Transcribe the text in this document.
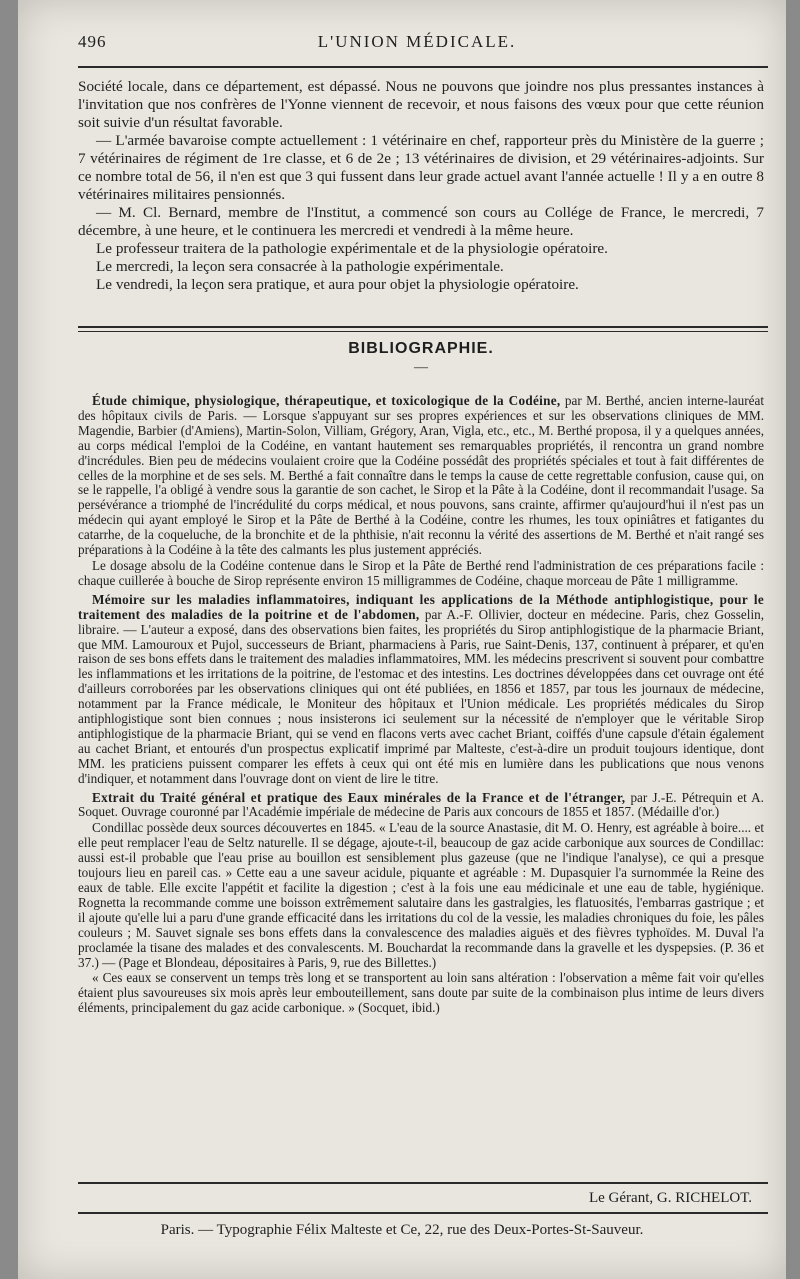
496	L'UNION MÉDICALE.

Société locale, dans ce département, est dépassé. Nous ne pouvons que joindre nos plus pressantes instances à l'invitation que nos confrères de l'Yonne viennent de recevoir, et nous faisons des vœux pour que cette réunion soit suivie d'un résultat favorable.

— L'armée bavaroise compte actuellement : 1 vétérinaire en chef, rapporteur près du Ministère de la guerre ; 7 vétérinaires de régiment de 1re classe, et 6 de 2e ; 13 vétérinaires de division, et 29 vétérinaires-adjoints. Sur ce nombre total de 56, il n'en est que 3 qui fussent dans leur grade actuel avant l'année actuelle ! Il y a en outre 8 vétérinaires militaires pensionnés.

— M. Cl. Bernard, membre de l'Institut, a commencé son cours au Collége de France, le mercredi, 7 décembre, à une heure, et le continuera les mercredi et vendredi à la même heure.

Le professeur traitera de la pathologie expérimentale et de la physiologie opératoire.

Le mercredi, la leçon sera consacrée à la pathologie expérimentale.

Le vendredi, la leçon sera pratique, et aura pour objet la physiologie opératoire.

BIBLIOGRAPHIE.
—

Étude chimique, physiologique, thérapeutique, et toxicologique de la Codéine, par M. Berthé, ancien interne-lauréat des hôpitaux civils de Paris. — Lorsque s'appuyant sur ses propres expériences et sur les observations cliniques de MM. Magendie, Barbier (d'Amiens), Martin-Solon, Villiam, Grégory, Aran, Vigla, etc., etc., M. Berthé proposa, il y a quelques années, au corps médical l'emploi de la Codéine, en vantant hautement ses remarquables propriétés, il rencontra un grand nombre d'incrédules. Bien peu de médecins voulaient croire que la Codéine possédât des propriétés spéciales et tout à fait différentes de celles de la morphine et de ses sels. M. Berthé a fait connaître dans le temps la cause de cette regrettable confusion, cause qui, on se le rappelle, l'a obligé à vendre sous la garantie de son cachet, le Sirop et la Pâte à la Codéine, dont il recommandait l'usage. Sa persévérance a triomphé de l'incrédulité du corps médical, et nous pouvons, sans crainte, affirmer qu'aujourd'hui il n'est pas un médecin qui ayant employé le Sirop et la Pâte de Berthé à la Codéine, contre les rhumes, les toux opiniâtres et fatigantes du catarrhe, de la coqueluche, de la bronchite et de la phthisie, n'ait reconnu la vérité des assertions de M. Berthé et n'ait rangé ses préparations à la Codéine à la tête des calmants les plus justement appréciés.

Le dosage absolu de la Codéine contenue dans le Sirop et la Pâte de Berthé rend l'administration de ces préparations facile : chaque cuillerée à bouche de Sirop représente environ 15 milligrammes de Codéine, chaque morceau de Pâte 1 milligramme.

Mémoire sur les maladies inflammatoires, indiquant les applications de la Méthode antiphlogistique, pour le traitement des maladies de la poitrine et de l'abdomen, par A.-F. Ollivier, docteur en médecine. Paris, chez Gosselin, libraire. — L'auteur a exposé, dans des observations bien faites, les propriétés du Sirop antiphlogistique de la pharmacie Briant, que MM. Lamouroux et Pujol, successeurs de Briant, pharmaciens à Paris, rue Saint-Denis, 137, continuent à préparer, et qu'en raison de ses bons effets dans le traitement des maladies inflammatoires, MM. les médecins prescrivent si souvent pour combattre les inflammations et les irritations de la poitrine, de l'estomac et des intestins. Les doctrines développées dans cet ouvrage ont été d'ailleurs corroborées par les observations cliniques qui ont été publiées, en 1856 et 1857, par tous les journaux de médecine, notamment par la France médicale, le Moniteur des hôpitaux et l'Union médicale. Les propriétés médicales du Sirop antiphlogistique sont bien connues ; nous insisterons ici seulement sur la nécessité de n'employer que le véritable Sirop antiphlogistique de la pharmacie Briant, qui se vend en flacons verts avec cachet Briant, coiffés d'une capsule d'étain également au cachet Briant, et entourés d'un prospectus explicatif imprimé par Malteste, c'est-à-dire un produit toujours identique, dont MM. les praticiens puissent comparer les effets à ceux qui ont été mis en lumière dans les publications que nous venons d'indiquer, et notamment dans l'ouvrage dont on vient de lire le titre.

Extrait du Traité général et pratique des Eaux minérales de la France et de l'étranger, par J.-E. Pétrequin et A. Soquet. Ouvrage couronné par l'Académie impériale de médecine de Paris aux concours de 1855 et 1857. (Médaille d'or.)

Condillac possède deux sources découvertes en 1845. « L'eau de la source Anastasie, dit M. O. Henry, est agréable à boire.... et elle peut remplacer l'eau de Seltz naturelle. Il se dégage, ajoute-t-il, beaucoup de gaz acide carbonique aux sources de Condillac: aussi est-il probable que l'eau prise au bouillon est sensiblement plus gazeuse (que ne l'indique l'analyse), ce qui a presque toujours lieu en pareil cas. » Cette eau a une saveur acidule, piquante et agréable : M. Dupasquier l'a surnommée la Reine des eaux de table. Elle excite l'appétit et facilite la digestion ; c'est à la fois une eau médicinale et une eau de table, hygiénique. Rognetta la recommande comme une boisson extrêmement salutaire dans les gastralgies, les flatuosités, l'embarras gastrique ; et il ajoute qu'elle lui a paru d'une grande efficacité dans les irritations du col de la vessie, les maladies chroniques du foie, les pâles couleurs ; M. Sauvet signale ses bons effets dans la convalescence des maladies aiguës et des fièvres typhoïdes. M. Duval l'a proclamée la tisane des malades et des convalescents. M. Bouchardat la recommande dans la gravelle et les dyspepsies. (P. 36 et 37.) — (Page et Blondeau, dépositaires à Paris, 9, rue des Billettes.)

« Ces eaux se conservent un temps très long et se transportent au loin sans altération : l'observation a même fait voir qu'elles étaient plus savoureuses six mois après leur embouteillement, sans doute par suite de la combinaison plus intime de leurs divers éléments, principalement du gaz acide carbonique. » (Socquet, ibid.)

Le Gérant, G. RICHELOT.
Paris. — Typographie Félix Malteste et Ce, 22, rue des Deux-Portes-St-Sauveur.
